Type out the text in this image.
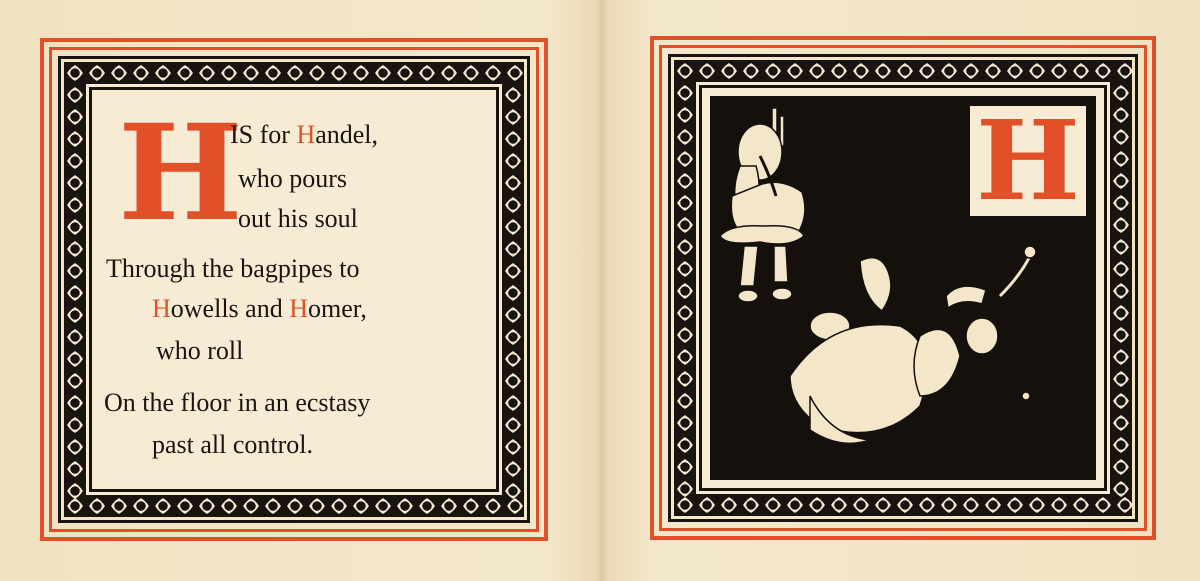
H
IS for Handel,
who pours
out his soul
Through the bagpipes to
Howells and Homer,
who roll
On the floor in an ecstasy
past all control.
H
